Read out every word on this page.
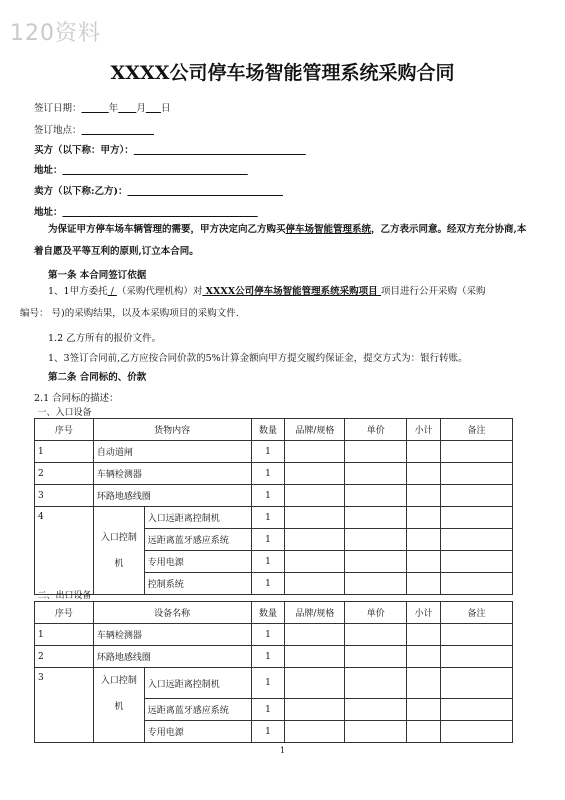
120资料
XXXX公司停车场智能管理系统采购合同
签订日期：	年 月 日
签订地点：
买方（以下称：甲方）：
地址：
卖方（以下称:乙方)：
地址：
为保证甲方停车场车辆管理的需要，甲方决定向乙方购买停车场智能管理系统，乙方表示同意。经双方充分协商,本着自愿及平等互利的原则,订立本合同。
第一条 本合同签订依据
1、1甲方委托 / （采购代理机构）对 XXXX公司停车场智能管理系统采购项目 项目进行公开采购（采购
编号： 号)的采购结果，以及本采购项目的采购文件.
1.2 乙方所有的报价文件。
1、3签订合同前,乙方应按合同价款的5%计算金额向甲方提交履约保证金，提交方式为：银行转账。
第二条 合同标的、价款
2.1 合同标的描述：
一、入口设备							
序号	货物内容		数量	品牌/规格	单价	小计	备注
1	自动道闸		1				
2	车辆检测器		1				
3	环路地感线圈		1				
4	入口控制机	入口远距离控制机	1				
		远距离蓝牙感应系统	1				
		专用电源	1				
		控制系统	1				
二、出口设备							
序号	设备名称		数量	品牌/规格	单价	小计	备注
1	车辆检测器		1				
2	环路地感线圈		1				
3	入口控制机	入口远距离控制机	1				
		远距离蓝牙感应系统	1				
		专用电源	1				
1
